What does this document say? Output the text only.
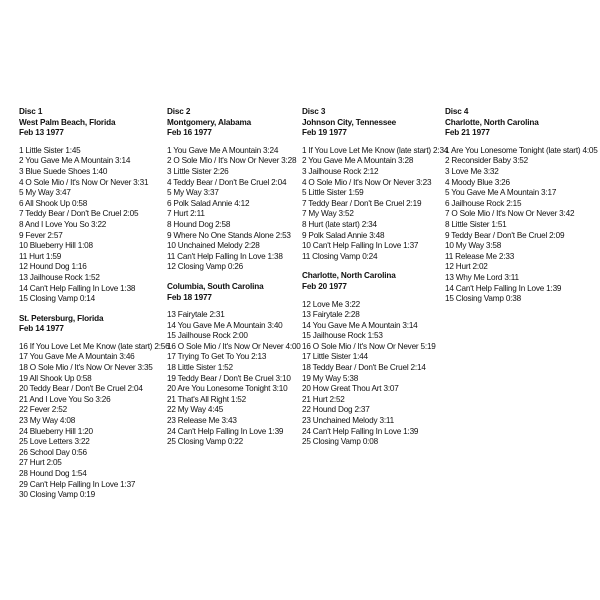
Disc 1
West Palm Beach, Florida
Feb 13 1977
1 Little Sister 1:45
2 You Gave Me A Mountain 3:14
3 Blue Suede Shoes 1:40
4 O Sole Mio / It's Now Or Never 3:31
5 My Way 3:47
6 All Shook Up 0:58
7 Teddy Bear / Don't Be Cruel 2:05
8 And I Love You So 3:22
9 Fever 2:57
10 Blueberry Hill 1:08
11 Hurt 1:59
12 Hound Dog 1:16
13 Jailhouse Rock 1:52
14 Can't Help Falling In Love 1:38
15 Closing Vamp 0:14
St. Petersburg, Florida
Feb 14 1977
16 If You Love Let Me Know (late start) 2:56
17 You Gave Me A Mountain 3:46
18 O Sole Mio / It's Now Or Never 3:35
19 All Shook Up 0:58
20 Teddy Bear / Don't Be Cruel 2:04
21 And I Love You So 3:26
22 Fever 2:52
23 My Way 4:08
24 Blueberry Hill 1:20
25 Love Letters 3:22
26 School Day 0:56
27 Hurt 2:05
28 Hound Dog 1:54
29 Can't Help Falling In Love 1:37
30 Closing Vamp 0:19
Disc 2
Montgomery, Alabama
Feb 16 1977
1 You Gave Me A Mountain 3:24
2 O Sole Mio / It's Now Or Never 3:28
3 Little Sister 2:26
4 Teddy Bear / Don't Be Cruel 2:04
5 My Way 3:37
6 Polk Salad Annie 4:12
7 Hurt 2:11
8 Hound Dog 2:58
9 Where No One Stands Alone 2:53
10 Unchained Melody 2:28
11 Can't Help Falling In Love 1:38
12 Closing Vamp 0:26
Columbia, South Carolina
Feb 18 1977
13 Fairytale 2:31
14 You Gave Me A Mountain 3:40
15 Jailhouse Rock 2:00
16 O Sole Mio / It's Now Or Never 4:00
17 Trying To Get To You 2:13
18 Little Sister 1:52
19 Teddy Bear / Don't Be Cruel 3:10
20 Are You Lonesome Tonight 3:10
21 That's All Right 1:52
22 My Way 4:45
23 Release Me 3:43
24 Can't Help Falling In Love 1:39
25 Closing Vamp 0:22
Disc 3
Johnson City, Tennessee
Feb 19 1977
1 If You Love Let Me Know (late start) 2:34
2 You Gave Me A Mountain 3:28
3 Jailhouse Rock 2:12
4 O Sole Mio / It's Now Or Never 3:23
5 Little Sister 1:59
7 Teddy Bear / Don't Be Cruel 2:19
7 My Way 3:52
8 Hurt (late start) 2:34
9 Polk Salad Annie 3:48
10 Can't Help Falling In Love 1:37
11 Closing Vamp 0:24
Charlotte, North Carolina
Feb 20 1977
12 Love Me 3:22
13 Fairytale 2:28
14 You Gave Me A Mountain 3:14
15 Jailhouse Rock 1:53
16 O Sole Mio / It's Now Or Never 5:19
17 Little Sister 1:44
18 Teddy Bear / Don't Be Cruel 2:14
19 My Way 5:38
20 How Great Thou Art 3:07
21 Hurt 2:52
22 Hound Dog 2:37
23 Unchained Melody 3:11
24 Can't Help Falling In Love 1:39
25 Closing Vamp 0:08
Disc 4
Charlotte, North Carolina
Feb 21 1977
1 Are You Lonesome Tonight (late start) 4:05
2 Reconsider Baby 3:52
3 Love Me 3:32
4 Moody Blue 3:26
5 You Gave Me A Mountain 3:17
6 Jailhouse Rock 2:15
7 O Sole Mio / It's Now Or Never 3:42
8 Little Sister 1:51
9 Teddy Bear / Don't Be Cruel 2:09
10 My Way 3:58
11 Release Me 2:33
12 Hurt 2:02
13 Why Me Lord 3:11
14 Can't Help Falling In Love 1:39
15 Closing Vamp 0:38
